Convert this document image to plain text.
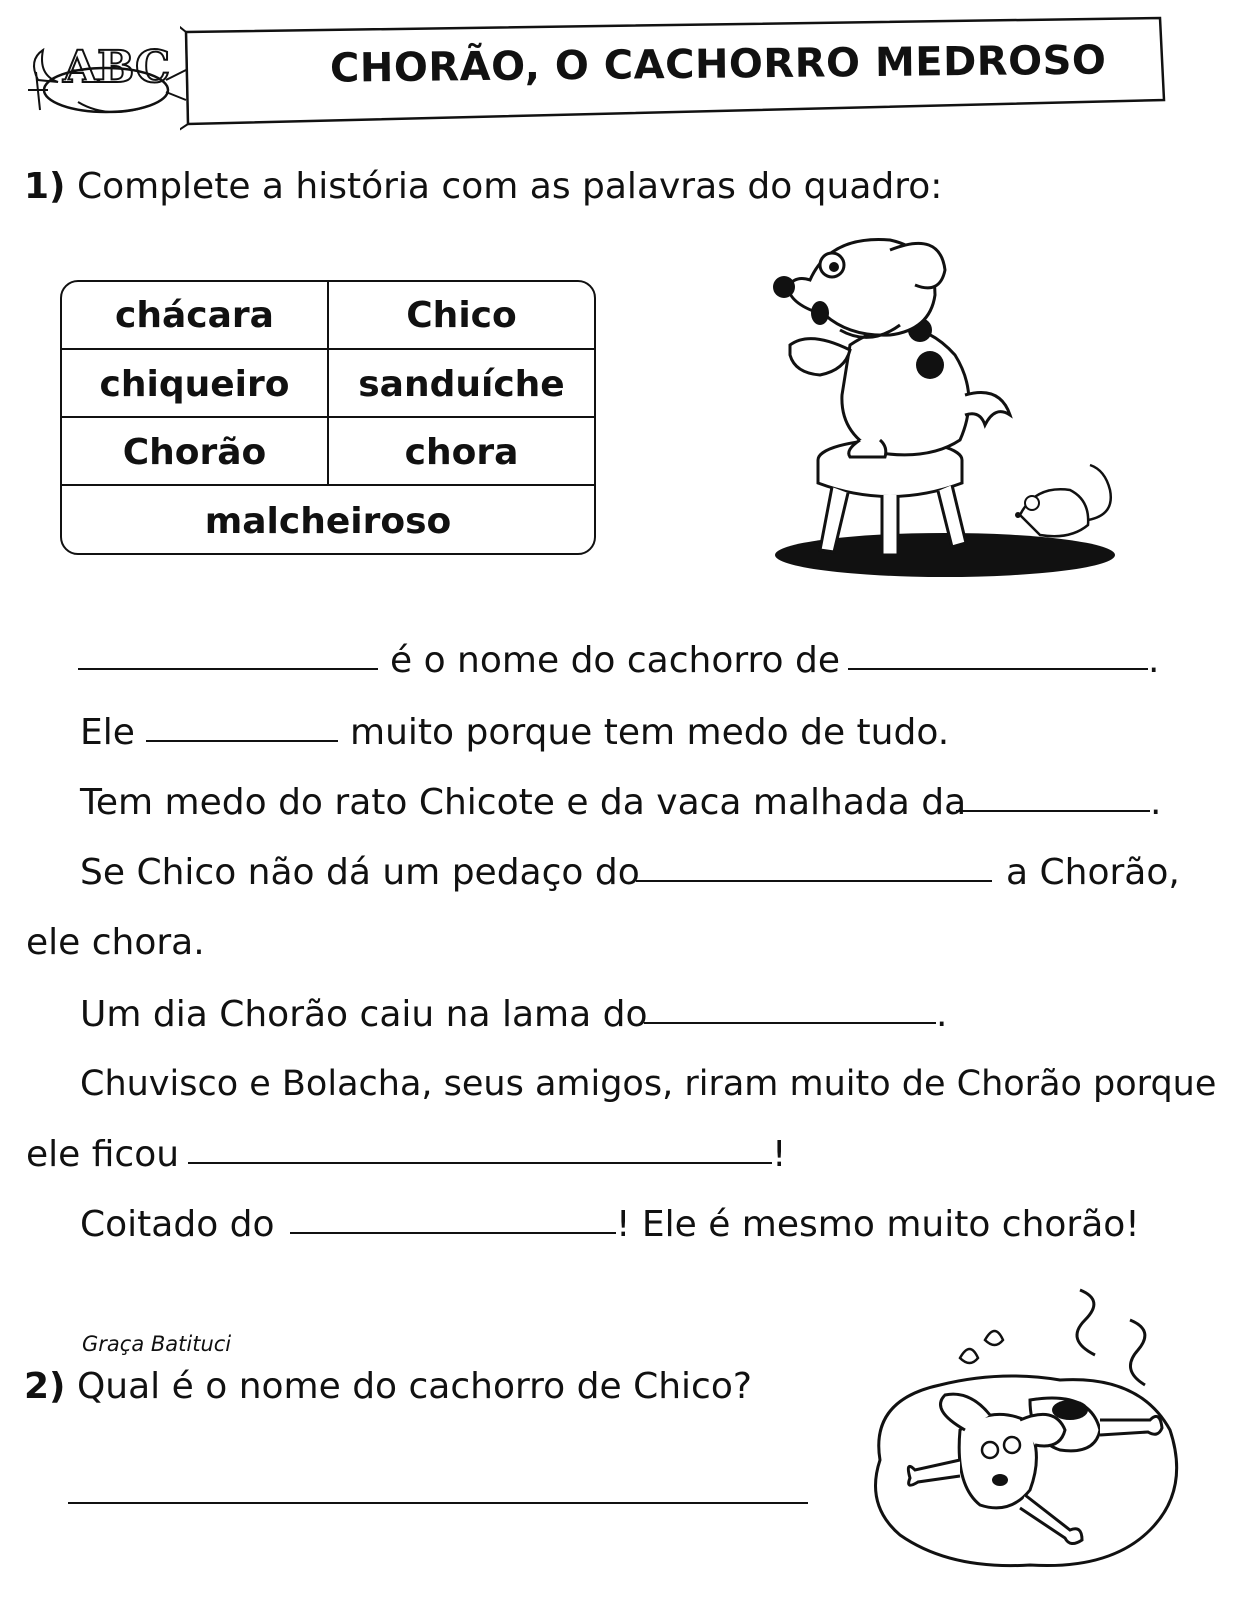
ABC	CHORÃO, O CACHORRO MEDROSO
1) Complete a história com as palavras do quadro:
chácara	Chico
chiqueiro	sanduíche
Chorão	chora
malcheiroso
é o nome do cachorro de	.
Ele	muito porque tem medo de tudo.
Tem medo do rato Chicote e da vaca malhada da	.
Se Chico não dá um pedaço do	a Chorão,
ele chora.
Um dia Chorão caiu na lama do	.
Chuvisco e Bolacha, seus amigos, riram muito de Chorão porque
ele ficou	!
Coitado do	! Ele é mesmo muito chorão!
Graça Batituci
2) Qual é o nome do cachorro de Chico?
